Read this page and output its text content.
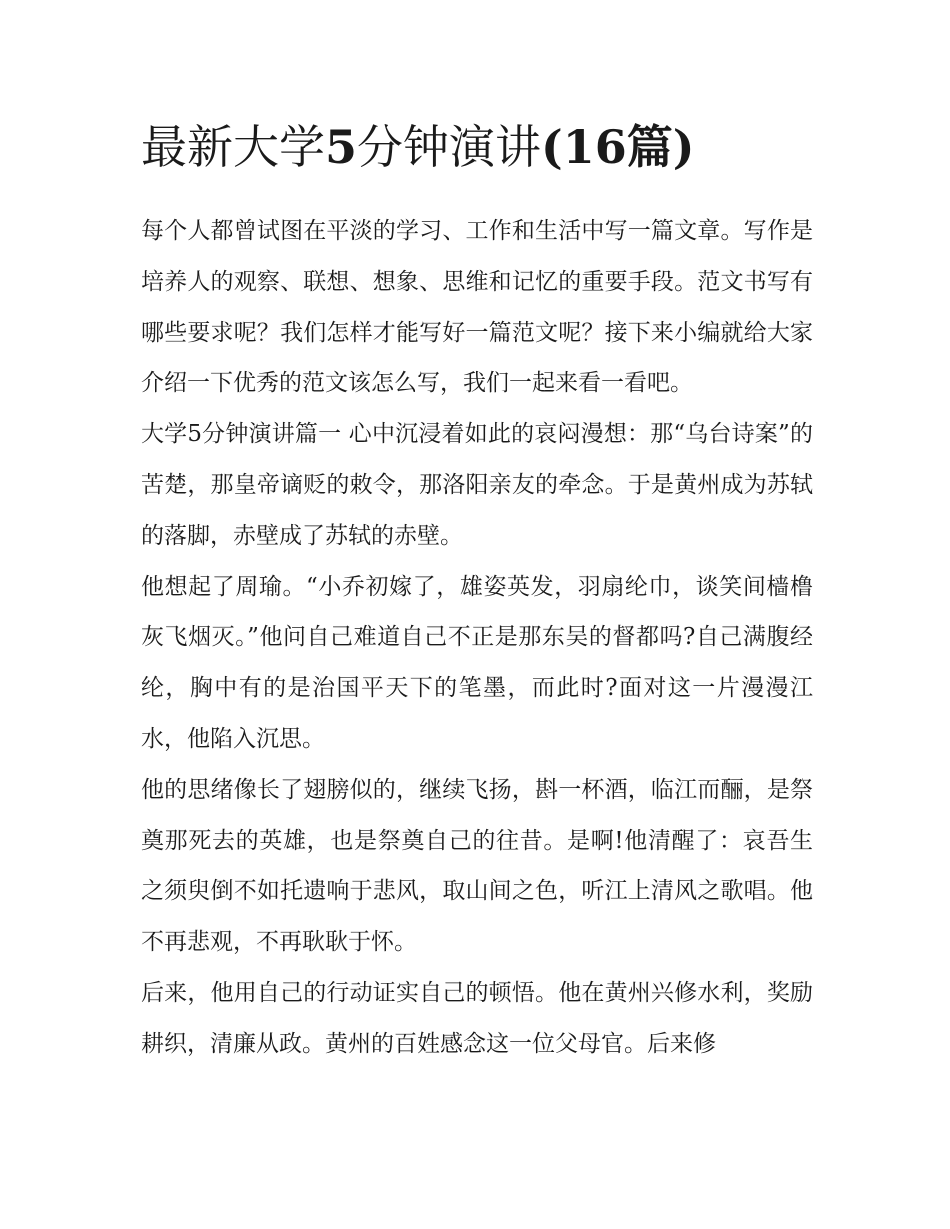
最新大学5分钟演讲(16篇)

每个人都曾试图在平淡的学习、工作和生活中写一篇文章。写作是培养人的观察、联想、想象、思维和记忆的重要手段。范文书写有哪些要求呢？我们怎样才能写好一篇范文呢？接下来小编就给大家介绍一下优秀的范文该怎么写，我们一起来看一看吧。

大学5分钟演讲篇一 心中沉浸着如此的哀闷漫想：那“乌台诗案”的苦楚，那皇帝谪贬的敕令，那洛阳亲友的牵念。于是黄州成为苏轼的落脚，赤壁成了苏轼的赤壁。

他想起了周瑜。“小乔初嫁了，雄姿英发，羽扇纶巾，谈笑间樯橹灰飞烟灭。”他问自己难道自己不正是那东吴的督都吗?自己满腹经纶，胸中有的是治国平天下的笔墨，而此时?面对这一片漫漫江水，他陷入沉思。

他的思绪像长了翅膀似的，继续飞扬，斟一杯酒，临江而酾，是祭奠那死去的英雄，也是祭奠自己的往昔。是啊!他清醒了：哀吾生之须臾倒不如托遗响于悲风，取山间之色，听江上清风之歌唱。他不再悲观，不再耿耿于怀。

后来，他用自己的行动证实自己的顿悟。他在黄州兴修水利，奖励耕织，清廉从政。黄州的百姓感念这一位父母官。后来修
